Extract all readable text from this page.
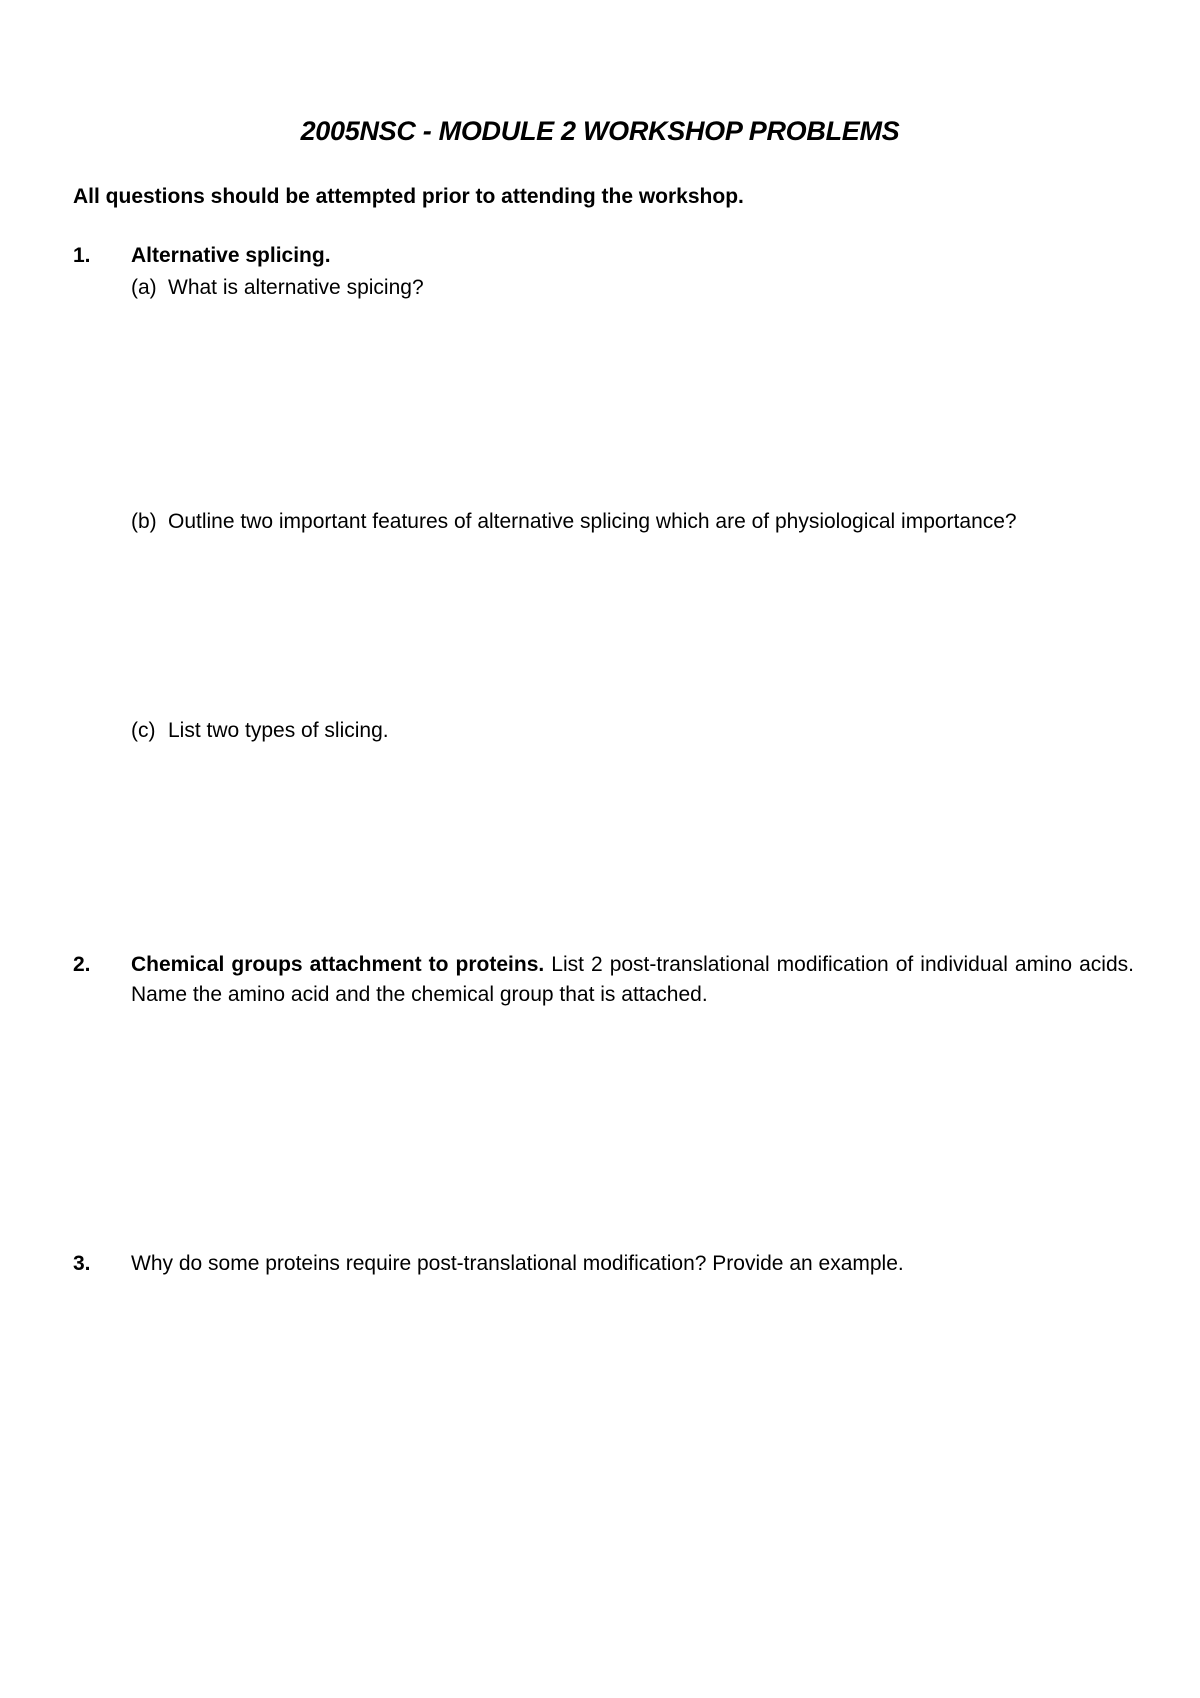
2005NSC - MODULE 2 WORKSHOP PROBLEMS
All questions should be attempted prior to attending the workshop.
1. Alternative splicing.
(a) What is alternative spicing?
(b) Outline two important features of alternative splicing which are of physiological importance?
(c) List two types of slicing.
2. Chemical groups attachment to proteins. List 2 post-translational modification of individual amino acids. Name the amino acid and the chemical group that is attached.
3. Why do some proteins require post-translational modification? Provide an example.
